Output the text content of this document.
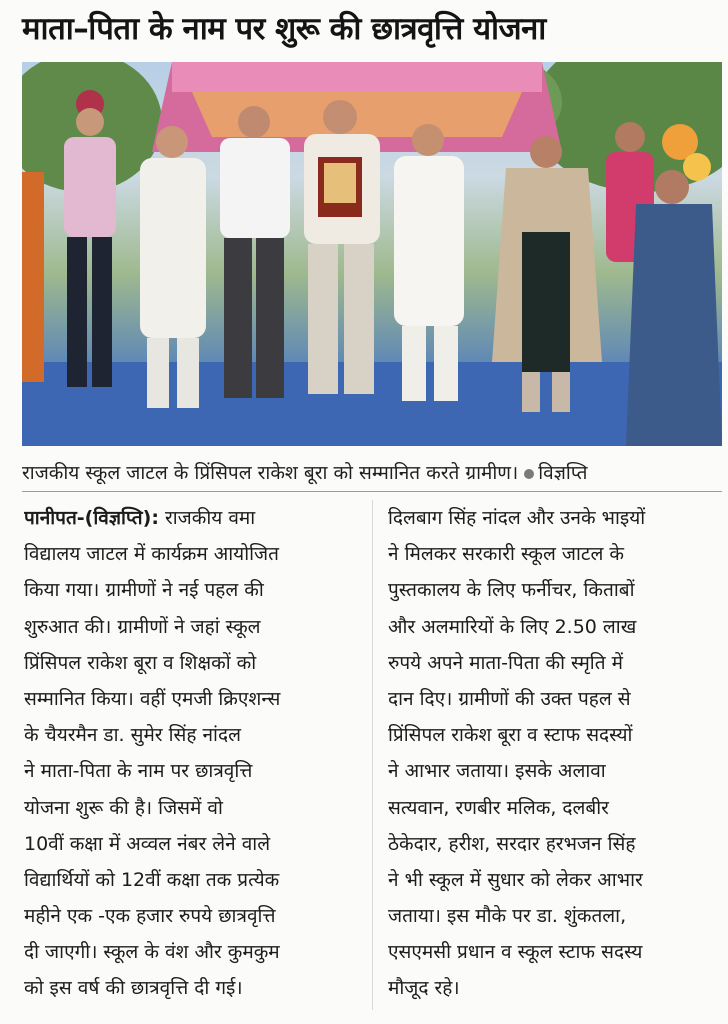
माता–पिता के नाम पर शुरू की छात्रवृत्ति योजना
राजकीय स्कूल जाटल के प्रिंसिपल राकेश बूरा को सम्मानित करते ग्रामीण। विज्ञप्ति
पानीपत-(विज्ञप्ति): राजकीय वमा
विद्यालय जाटल में कार्यक्रम आयोजित
किया गया। ग्रामीणों ने नई पहल की
शुरुआत की। ग्रामीणों ने जहां स्कूल
प्रिंसिपल राकेश बूरा व शिक्षकों को
सम्मानित किया। वहीं एमजी क्रिएशन्स
के चैयरमैन डा. सुमेर सिंह नांदल
ने माता-पिता के नाम पर छात्रवृत्ति
योजना शुरू की है। जिसमें वो
10वीं कक्षा में अव्वल नंबर लेने वाले
विद्यार्थियों को 12वीं कक्षा तक प्रत्येक
महीने एक -एक हजार रुपये छात्रवृत्ति
दी जाएगी। स्कूल के वंश और कुमकुम
को इस वर्ष की छात्रवृत्ति दी गई।
दिलबाग सिंह नांदल और उनके भाइयों
ने मिलकर सरकारी स्कूल जाटल के
पुस्तकालय के लिए फर्नीचर, किताबों
और अलमारियों के लिए 2.50 लाख
रुपये अपने माता-पिता की स्मृति में
दान दिए। ग्रामीणों की उक्त पहल से
प्रिंसिपल राकेश बूरा व स्टाफ सदस्यों
ने आभार जताया। इसके अलावा
सत्यवान, रणबीर मलिक, दलबीर
ठेकेदार, हरीश, सरदार हरभजन सिंह
ने भी स्कूल में सुधार को लेकर आभार
जताया। इस मौके पर डा. शुंकतला,
एसएमसी प्रधान व स्कूल स्टाफ सदस्य
मौजूद रहे।
